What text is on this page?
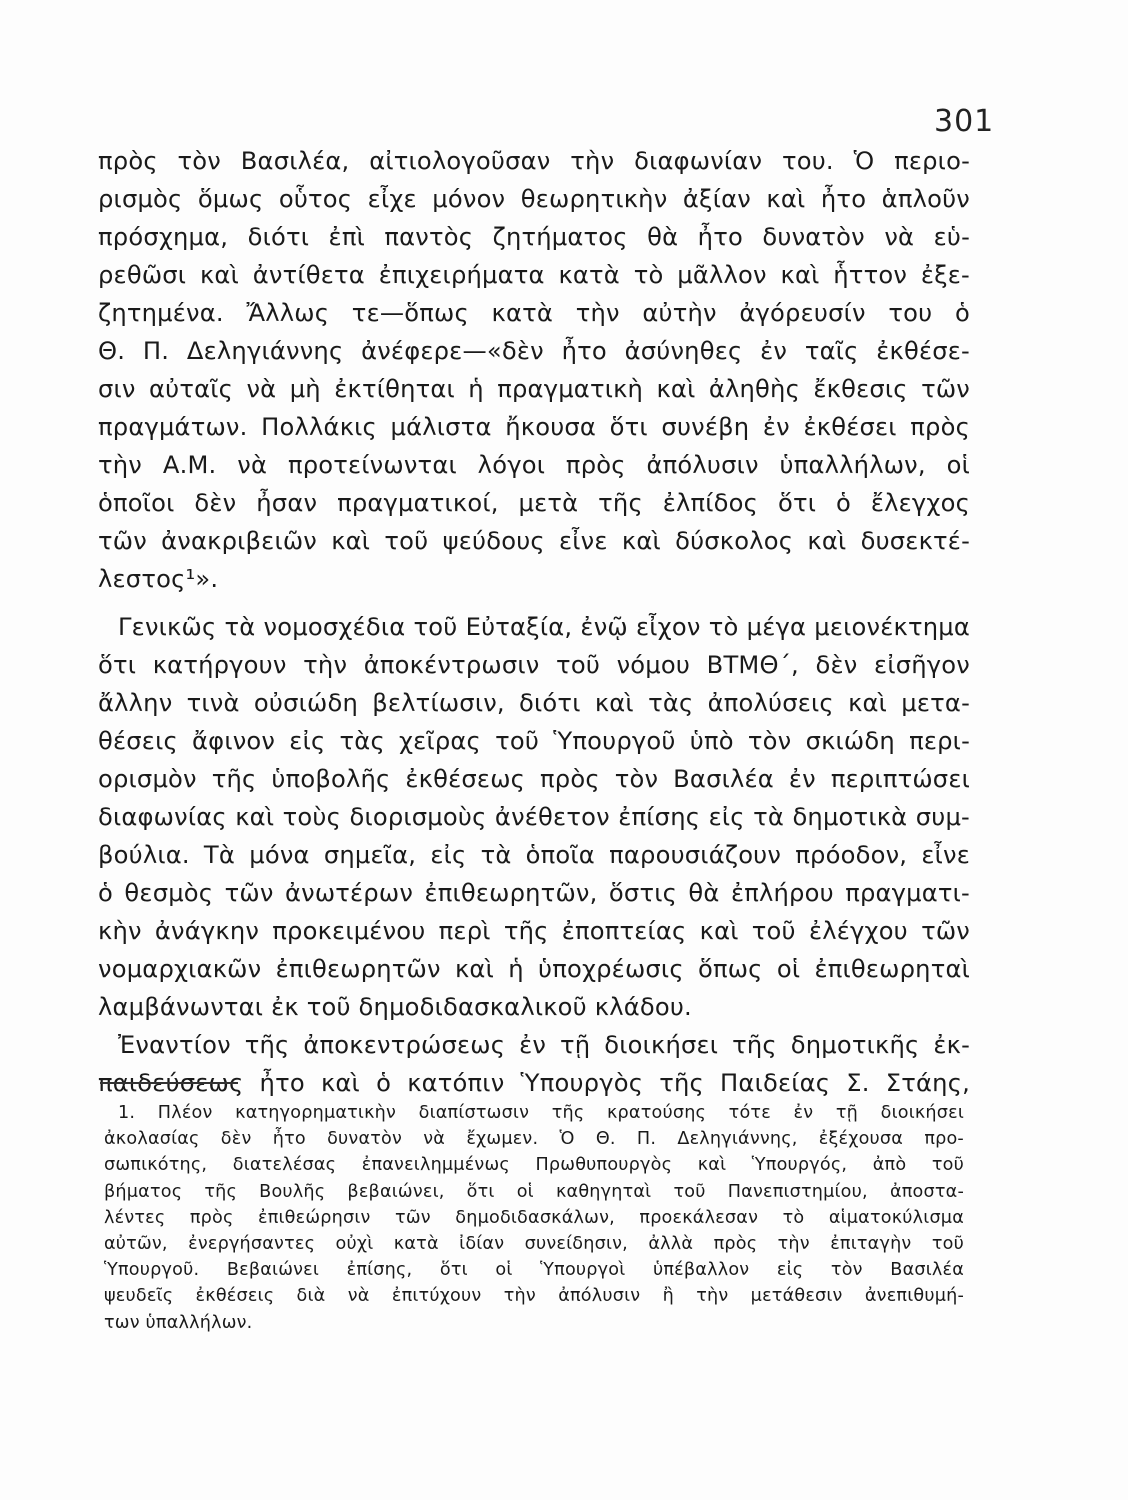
301
πρὸς τὸν Βασιλέα, αἰτιολογοῦσαν τὴν διαφωνίαν του. Ὁ περιο-
ρισμὸς ὅμως οὗτος εἶχε μόνον θεωρητικὴν ἀξίαν καὶ ἦτο ἁπλοῦν
πρόσχημα, διότι ἐπὶ παντὸς ζητήματος θὰ ἦτο δυνατὸν νὰ εὑ-
ρεθῶσι καὶ ἀντίθετα ἐπιχειρήματα κατὰ τὸ μᾶλλον καὶ ἧττον ἐξε-
ζητημένα. Ἄλλως τε—ὅπως κατὰ τὴν αὐτὴν ἀγόρευσίν του ὁ
Θ. Π. Δεληγιάννης ἀνέφερε—«δὲν ἦτο ἀσύνηθες ἐν ταῖς ἐκθέσε-
σιν αὐταῖς νὰ μὴ ἐκτίθηται ἡ πραγματικὴ καὶ ἀληθὴς ἔκθεσις τῶν
πραγμάτων. Πολλάκις μάλιστα ἤκουσα ὅτι συνέβη ἐν ἐκθέσει πρὸς
τὴν Α.Μ. νὰ προτείνωνται λόγοι πρὸς ἀπόλυσιν ὑπαλλήλων, οἱ
ὁποῖοι δὲν ἦσαν πραγματικοί, μετὰ τῆς ἐλπίδος ὅτι ὁ ἔλεγχος
τῶν ἀνακριβειῶν καὶ τοῦ ψεύδους εἶνε καὶ δύσκολος καὶ δυσεκτέ-
λεστος¹».
Γενικῶς τὰ νομοσχέδια τοῦ Εὐταξία, ἐνῷ εἶχον τὸ μέγα μειονέκτημα
ὅτι κατήργουν τὴν ἀποκέντρωσιν τοῦ νόμου ΒΤΜΘ΄, δὲν εἰσῆγον
ἄλλην τινὰ οὐσιώδη βελτίωσιν, διότι καὶ τὰς ἀπολύσεις καὶ μετα-
θέσεις ἄφινον εἰς τὰς χεῖρας τοῦ Ὑπουργοῦ ὑπὸ τὸν σκιώδη περι-
ορισμὸν τῆς ὑποβολῆς ἐκθέσεως πρὸς τὸν Βασιλέα ἐν περιπτώσει
διαφωνίας καὶ τοὺς διορισμοὺς ἀνέθετον ἐπίσης εἰς τὰ δημοτικὰ συμ-
βούλια. Τὰ μόνα σημεῖα, εἰς τὰ ὁποῖα παρουσιάζουν πρόοδον, εἶνε
ὁ θεσμὸς τῶν ἀνωτέρων ἐπιθεωρητῶν, ὅστις θὰ ἐπλήρου πραγματι-
κὴν ἀνάγκην προκειμένου περὶ τῆς ἐποπτείας καὶ τοῦ ἐλέγχου τῶν
νομαρχιακῶν ἐπιθεωρητῶν καὶ ἡ ὑποχρέωσις ὅπως οἱ ἐπιθεωρηταὶ
λαμβάνωνται ἐκ τοῦ δημοδιδασκαλικοῦ κλάδου.
Ἐναντίον τῆς ἀποκεντρώσεως ἐν τῇ διοικήσει τῆς δημοτικῆς ἐκ-
παιδεύσεως ἦτο καὶ ὁ κατόπιν Ὑπουργὸς τῆς Παιδείας Σ. Στάης,
1. Πλέον κατηγορηματικὴν διαπίστωσιν τῆς κρατούσης τότε ἐν τῇ διοικήσει
ἀκολασίας δὲν ἦτο δυνατὸν νὰ ἔχωμεν. Ὁ Θ. Π. Δεληγιάννης, ἐξέχουσα προ-
σωπικότης, διατελέσας ἐπανειλημμένως Πρωθυπουργὸς καὶ Ὑπουργός, ἀπὸ τοῦ
βήματος τῆς Βουλῆς βεβαιώνει, ὅτι οἱ καθηγηταὶ τοῦ Πανεπιστημίου, ἀποστα-
λέντες πρὸς ἐπιθεώρησιν τῶν δημοδιδασκάλων, προεκάλεσαν τὸ αἱματοκύλισμα
αὐτῶν, ἐνεργήσαντες οὐχὶ κατὰ ἰδίαν συνείδησιν, ἀλλὰ πρὸς τὴν ἐπιταγὴν τοῦ
Ὑπουργοῦ. Βεβαιώνει ἐπίσης, ὅτι οἱ Ὑπουργοὶ ὑπέβαλλον εἰς τὸν Βασιλέα
ψευδεῖς ἐκθέσεις διὰ νὰ ἐπιτύχουν τὴν ἀπόλυσιν ἢ τὴν μετάθεσιν ἀνεπιθυμή-
των ὑπαλλήλων.
